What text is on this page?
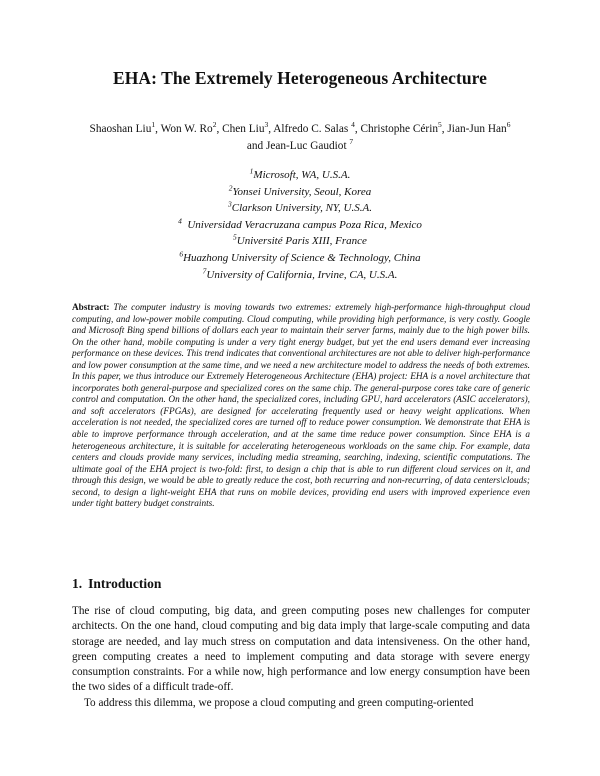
EHA: The Extremely Heterogeneous Architecture
Shaoshan Liu$^1$, Won W. Ro$^2$, Chen Liu$^3$, Alfredo C. Salas $^4$, Christophe Cérin$^5$, Jian-Jun Han$^6$
and Jean-Luc Gaudiot $^7$
$^1$Microsoft, WA, U.S.A.
$^2$Yonsei University, Seoul, Korea
$^3$Clarkson University, NY, U.S.A.
$^4$ Universidad Veracruzana campus Poza Rica, Mexico
$^5$Université Paris XIII, France
$^6$Huazhong University of Science & Technology, China
$^7$University of California, Irvine, CA, U.S.A.
Abstract: The computer industry is moving towards two extremes: extremely high-performance high-throughput cloud computing, and low-power mobile computing. Cloud computing, while providing high performance, is very costly. Google and Microsoft Bing spend billions of dollars each year to maintain their server farms, mainly due to the high power bills. On the other hand, mobile computing is under a very tight energy budget, but yet the end users demand ever increasing performance on these devices. This trend indicates that conventional architectures are not able to deliver high-performance and low power consumption at the same time, and we need a new architecture model to address the needs of both extremes. In this paper, we thus introduce our Extremely Heterogeneous Architecture (EHA) project: EHA is a novel architecture that incorporates both general-purpose and specialized cores on the same chip. The general-purpose cores take care of generic control and computation. On the other hand, the specialized cores, including GPU, hard accelerators (ASIC accelerators), and soft accelerators (FPGAs), are designed for accelerating frequently used or heavy weight applications. When acceleration is not needed, the specialized cores are turned off to reduce power consumption. We demonstrate that EHA is able to improve performance through acceleration, and at the same time reduce power consumption. Since EHA is a heterogeneous architecture, it is suitable for accelerating heterogeneous workloads on the same chip. For example, data centers and clouds provide many services, including media streaming, searching, indexing, scientific computations. The ultimate goal of the EHA project is two-fold: first, to design a chip that is able to run different cloud services on it, and through this design, we would be able to greatly reduce the cost, both recurring and non-recurring, of data centers\clouds; second, to design a light-weight EHA that runs on mobile devices, providing end users with improved experience even under tight battery budget constraints.
1. Introduction

The rise of cloud computing, big data, and green computing poses new challenges for computer architects. On the one hand, cloud computing and big data imply that large-scale computing and data storage are needed, and lay much stress on computation and data intensiveness. On the other hand, green computing creates a need to implement computing and data storage with severe energy consumption constraints. For a while now, high performance and low energy consumption have been the two sides of a difficult trade-off.

To address this dilemma, we propose a cloud computing and green computing-oriented
